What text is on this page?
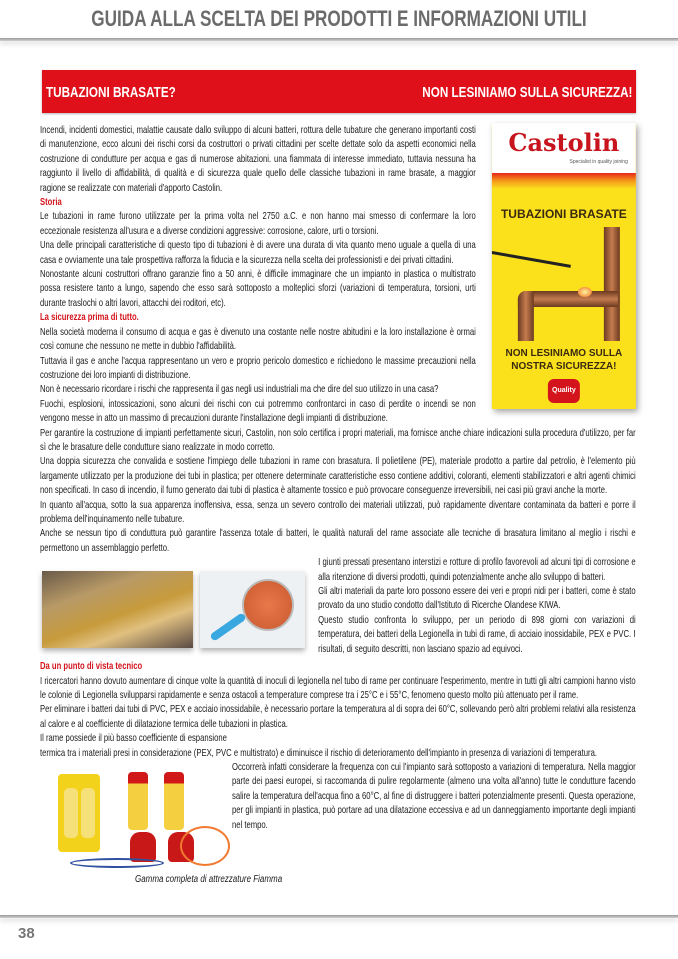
GUIDA ALLA SCELTA DEI PRODOTTI E INFORMAZIONI UTILI
TUBAZIONI BRASATE?	NON LESINIAMO SULLA SICUREZZA!
Castolin
Specialist in quality joining
TUBAZIONI BRASATE
NON LESINIAMO SULLA
NOSTRA SICUREZZA!
Quality

Incendi, incidenti domestici, malattie causate dallo sviluppo di alcuni batteri, rottura delle tubature che generano importanti costi di manutenzione, ecco alcuni dei rischi corsi da costruttori o privati cittadini per scelte dettate solo da aspetti economici nella costruzione di condutture per acqua e gas di numerose abitazioni. una fiammata di interesse immediato, tuttavia nessuna ha raggiunto il livello di affidabilità, di qualità e di sicurezza quale quello delle classiche tubazioni in rame brasate, a maggior ragione se realizzate con materiali d'apporto Castolin.

Storia

Le tubazioni in rame furono utilizzate per la prima volta nel 2750 a.C. e non hanno mai smesso di confermare la loro eccezionale resistenza all'usura e a diverse condizioni aggressive: corrosione, calore, urti o torsioni.

Una delle principali caratteristiche di questo tipo di tubazioni è di avere una durata di vita quanto meno uguale a quella di una casa e ovviamente una tale prospettiva rafforza la fiducia e la sicurezza nella scelta dei professionisti e dei privati cittadini.

Nonostante alcuni costruttori offrano garanzie fino a 50 anni, è difficile immaginare che un impianto in plastica o multistrato possa resistere tanto a lungo, sapendo che esso sarà sottoposto a molteplici sforzi (variazioni di temperatura, torsioni, urti durante traslochi o altri lavori, attacchi dei roditori, etc).

La sicurezza prima di tutto.

Nella società moderna il consumo di acqua e gas è divenuto una costante nelle nostre abitudini e la loro installazione è ormai così comune che nessuno ne mette in dubbio l'affidabilità.

Tuttavia il gas e anche l'acqua rappresentano un vero e proprio pericolo domestico e richiedono le massime precauzioni nella costruzione dei loro impianti di distribuzione.

Non è necessario ricordare i rischi che rappresenta il gas negli usi industriali ma che dire del suo utilizzo in una casa?

Fuochi, esplosioni, intossicazioni, sono alcuni dei rischi con cui potremmo confrontarci in caso di perdite o incendi se non vengono messe in atto un massimo di precauzioni durante l'installazione degli impianti di distribuzione.

Per garantire la costruzione di impianti perfettamente sicuri, Castolin, non solo certifica i propri materiali, ma fornisce anche chiare indicazioni sulla procedura d'utilizzo, per far sì che le brasature delle condutture siano realizzate in modo corretto.

Una doppia sicurezza che convalida e sostiene l'impiego delle tubazioni in rame con brasatura. Il polietilene (PE), materiale prodotto a partire dal petrolio, è l'elemento più largamente utilizzato per la produzione dei tubi in plastica; per ottenere determinate caratteristiche esso contiene additivi, coloranti, elementi stabilizzatori e altri agenti chimici non specificati. In caso di incendio, il fumo generato dai tubi di plastica è altamente tossico e può provocare conseguenze irreversibili, nei casi più gravi anche la morte.

In quanto all'acqua, sotto la sua apparenza inoffensiva, essa, senza un severo controllo dei materiali utilizzati, può rapidamente diventare contaminata da batteri e porre il problema dell'inquinamento nelle tubature.

Anche se nessun tipo di conduttura può garantire l'assenza totale di batteri, le qualità naturali del rame associate alle tecniche di brasatura limitano al meglio i rischi e permettono un assemblaggio perfetto.

I giunti pressati presentano interstizi e rotture di profilo favorevoli ad alcuni tipi di corrosione e alla ritenzione di diversi prodotti, quindi potenzialmente anche allo sviluppo di batteri.

Gli altri materiali da parte loro possono essere dei veri e propri nidi per i batteri, come è stato provato da uno studio condotto dall'Istituto di Ricerche Olandese KIWA.

Questo studio confronta lo sviluppo, per un periodo di 898 giorni con variazioni di temperatura, dei batteri della Legionella in tubi di rame, di acciaio inossidabile, PEX e PVC. I risultati, di seguito descritti, non lasciano spazio ad equivoci.

Da un punto di vista tecnico

I ricercatori hanno dovuto aumentare di cinque volte la quantità di inoculi di legionella nel tubo di rame per continuare l'esperimento, mentre in tutti gli altri campioni hanno visto le colonie di Legionella svilupparsi rapidamente e senza ostacoli a temperature comprese tra i 25°C e i 55°C, fenomeno questo molto più attenuato per il rame.

Per eliminare i batteri dai tubi di PVC, PEX e acciaio inossidabile, è necessario portare la temperatura al di sopra dei 60°C, sollevando però altri problemi relativi alla resistenza al calore e al coefficiente di dilatazione termica delle tubazioni in plastica.

Il rame possiede il più basso coefficiente di espansione

termica tra i materiali presi in considerazione (PEX, PVC e multistrato) e diminuisce il rischio di deterioramento dell'impianto in presenza di variazioni di temperatura.

Gamma completa di attrezzature Fiamma

Occorrerà infatti considerare la frequenza con cui l'impianto sarà sottoposto a variazioni di temperatura. Nella maggior parte dei paesi europei, si raccomanda di pulire regolarmente (almeno una volta all'anno) tutte le condutture facendo salire la temperatura dell'acqua fino a 60°C, al fine di distruggere i batteri potenzialmente presenti. Questa operazione, per gli impianti in plastica, può portare ad una dilatazione eccessiva e ad un danneggiamento importante degli impianti nel tempo.

38
